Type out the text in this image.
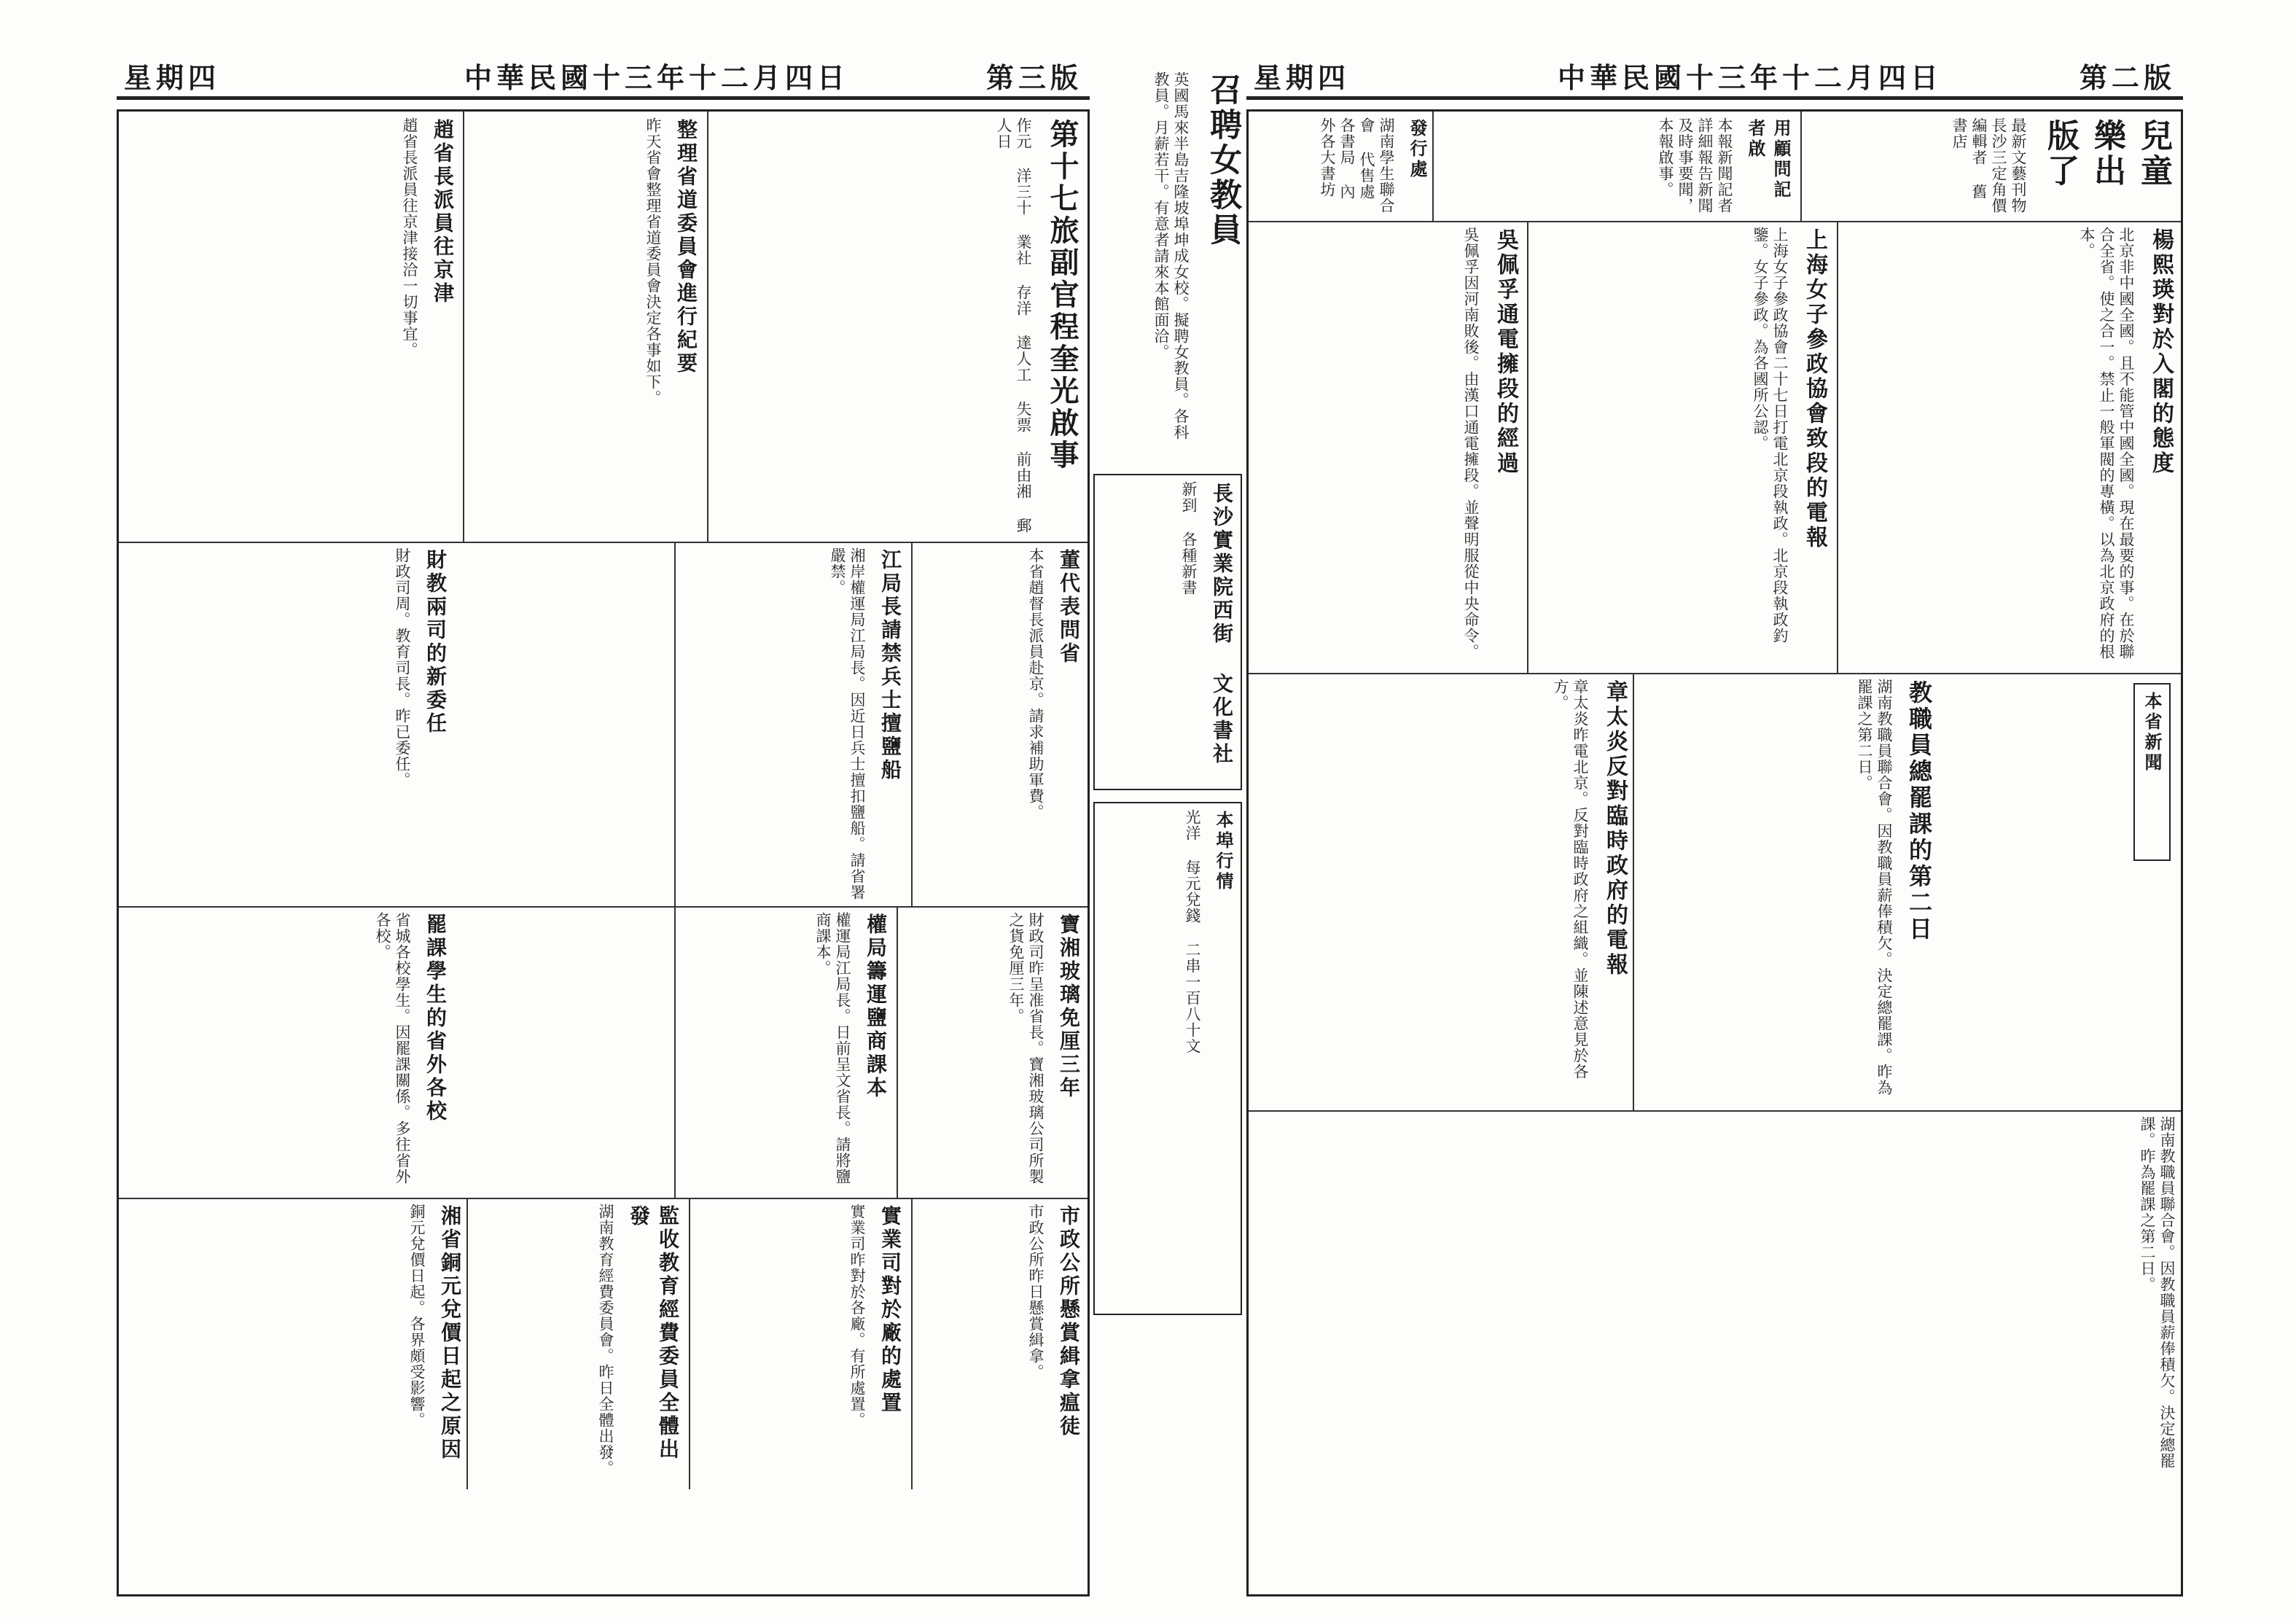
第二版
中華民國十三年十二月四日
星期四
兒童樂出版了
最新文藝刊物 長沙三定角價 編輯者 舊書店
用顧問記者啟
本報新聞記者詳細報告新聞及時事要聞，本報啟事。
發行處
湖南學生聯合會 代售處 各書局 內外各大書坊
楊熙瑛對於入閣的態度
北京非中國全國。且不能管中國全國。現在最要的事。在於聯合全省。使之合一。禁止一般軍閥的專橫。以為北京政府的根本。
上海女子參政協會致段的電報
上海女子參政協會二十七日打電北京段執政。北京段執政釣鑒。女子參政。為各國所公認。
吳佩孚通電擁段的經過
吳佩孚因河南敗後。由漢口通電擁段。並聲明服從中央命令。
本省新聞
教職員總罷課的第二日
湖南教職員聯合會。因教職員薪俸積欠。決定總罷課。昨為罷課之第二日。
章太炎反對臨時政府的電報
章太炎昨電北京。反對臨時政府之組織。並陳述意見於各方。
湖南教職員聯合會。因教職員薪俸積欠。決定總罷課。昨為罷課之第二日。
召聘女教員
英國馬來半島吉隆坡埠坤成女校。擬聘女教員。各科教員。月薪若干。有意者請來本館面洽。
長沙實業院西街 文化書社
新到 各種新書
本埠行情
光洋 每元兌錢 二串一百八十文
第三版
中華民國十三年十二月四日
星期四
第十七旅副官程奎光啟事
作元 洋三十 業社 存洋 達人工 失票 前由湘 郵人日
整理省道委員會進行紀要
昨天省會整理省道委員會決定各事如下。
趙省長派員往京津
趙省長派員往京津接洽一切事宜。
董代表問省
本省趙督長派員赴京。請求補助軍費。
江局長請禁兵士擅鹽船
湘岸權運局江局長。因近日兵士擅扣鹽船。請省署嚴禁。
財教兩司的新委任
財政司周。教育司長。昨已委任。
寶湘玻璃免厘三年
財政司昨呈准省長。寶湘玻璃公司所製之貨免厘三年。
權局籌運鹽商課本
權運局江局長。日前呈文省長。請將鹽商課本。
罷課學生的省外各校
省城各校學生。因罷課關係。多往省外各校。
市政公所懸賞緝拿瘟徒
市政公所昨日懸賞緝拿。
實業司對於廠的處置
實業司昨對於各廠。有所處置。
監收教育經費委員全體出發
湖南教育經費委員會。昨日全體出發。
湘省銅元兌價日起之原因
銅元兌價日起。各界頗受影響。
